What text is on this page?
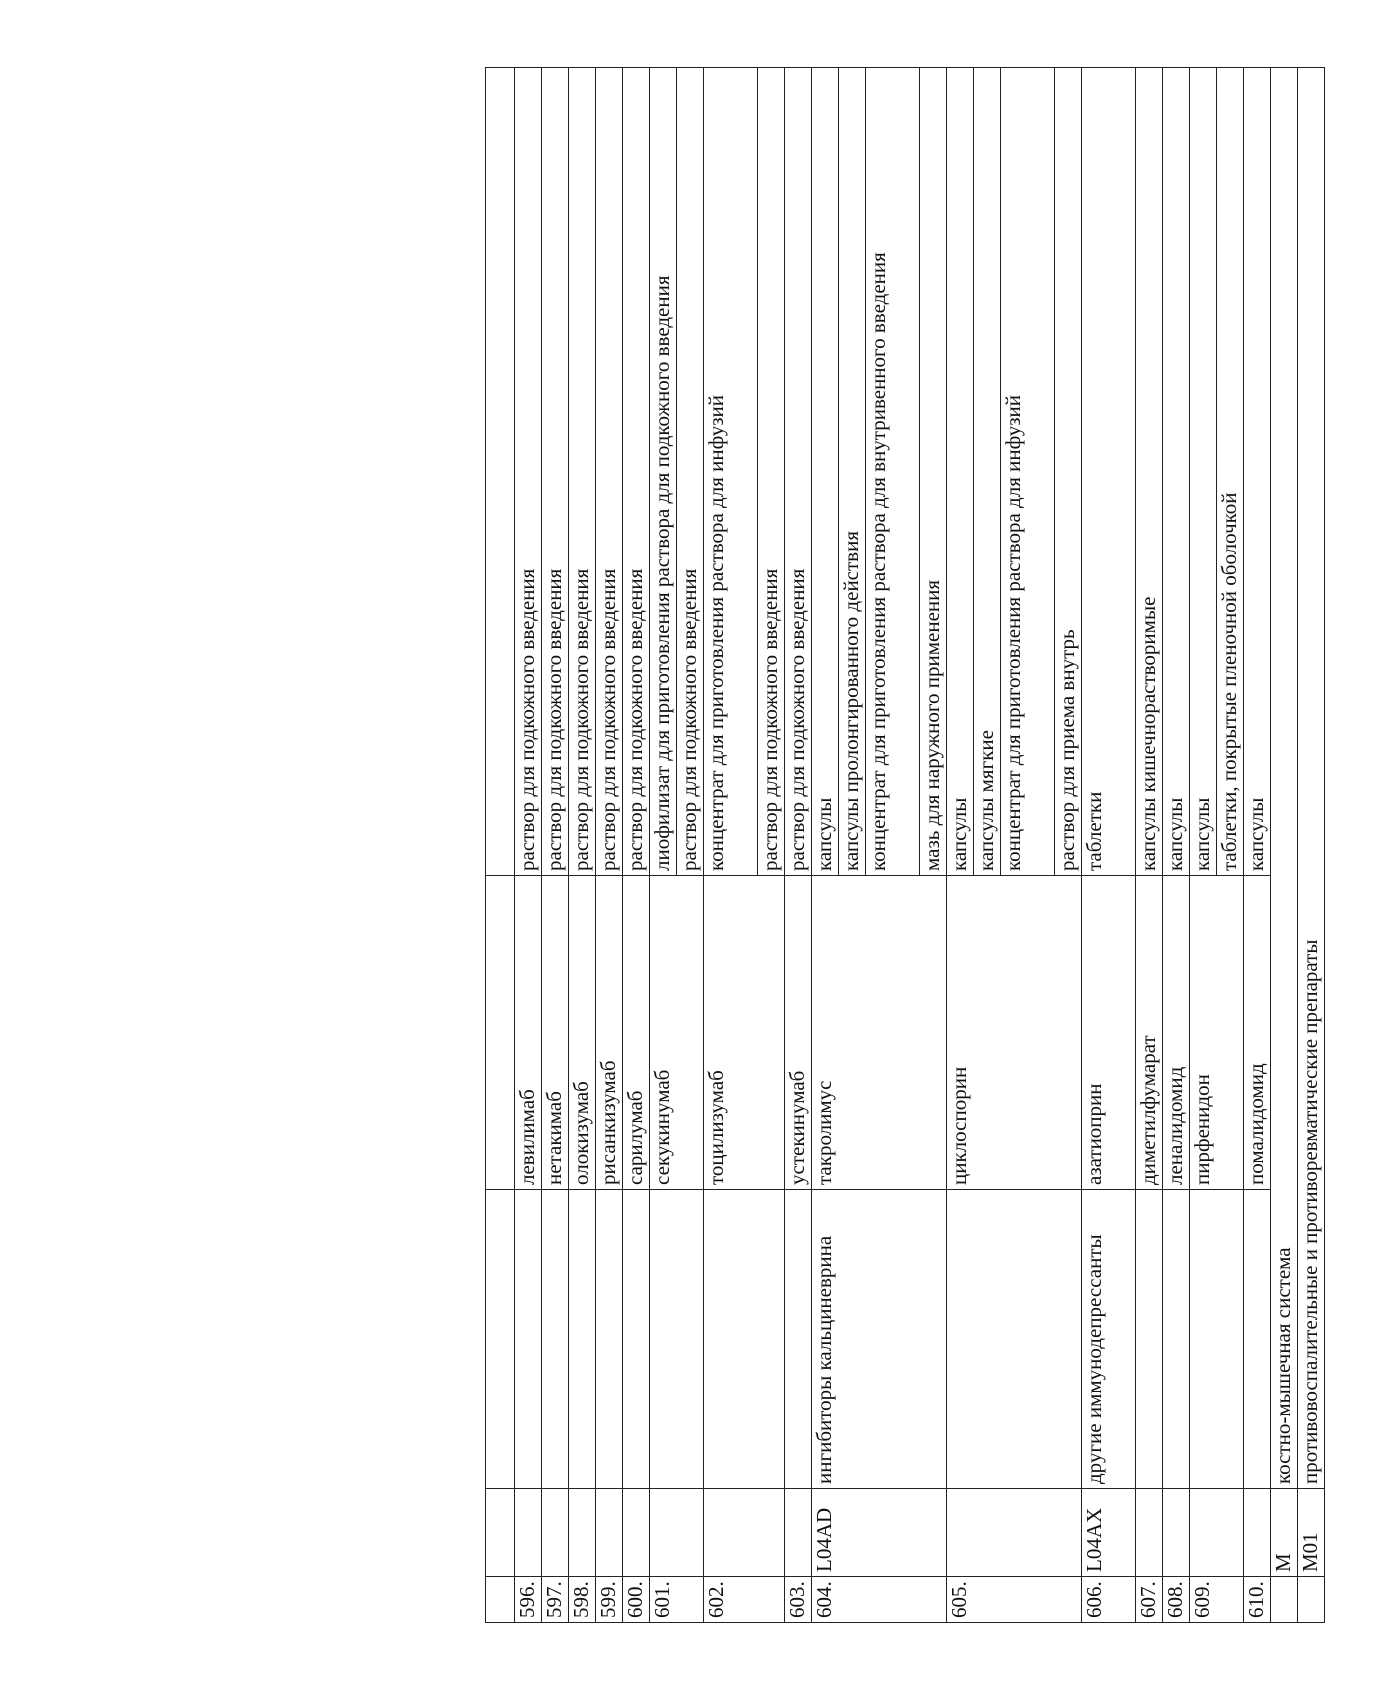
596.			левилимаб	раствор для подкожного введения
597.			нетакимаб	раствор для подкожного введения
598.			олокизумаб	раствор для подкожного введения
599.			рисанкизумаб	раствор для подкожного введения
600.			сарилумаб	раствор для подкожного введения
601.			секукинумаб	лиофилизат для приготовления раствора для подкожного введения
				раствор для подкожного введения
602.			тоцилизумаб	концентрат для приготовления раствора для инфузий
				раствор для подкожного введения
603.			устекинумаб	раствор для подкожного введения
604.	L04AD	ингибиторы кальциневрина	такролимус	капсулы
				капсулы пролонгированного действия
				концентрат для приготовления раствора для внутривенного введения
				мазь для наружного применения
605.			циклоспорин	капсулы
				капсулы мягкие
				концентрат для приготовления раствора для инфузий
				раствор для приема внутрь
606.	L04AX	другие иммунодепрессанты	азатиоприн	таблетки
607.			диметилфумарат	капсулы кишечнорастворимые
608.			леналидомид	капсулы
609.			пирфенидон	капсулы
				таблетки, покрытые пленочной оболочкой
610.			помалидомид	капсулы
	M	костно-мышечная система		
	M01	противовоспалительные и противоревматические препараты		
